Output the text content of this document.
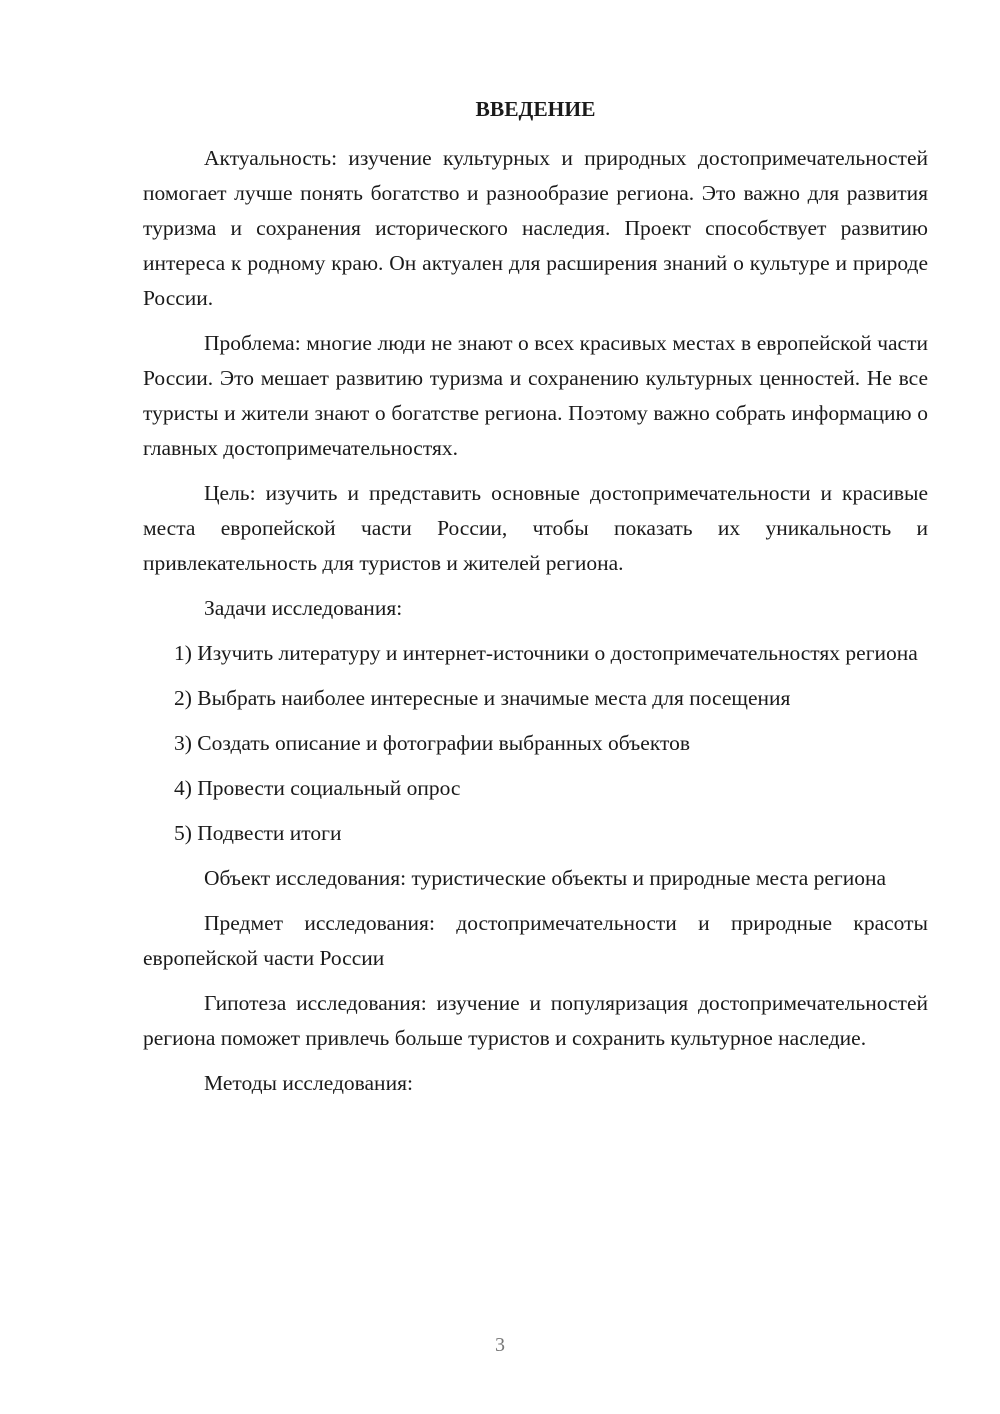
ВВЕДЕНИЕ

Актуальность: изучение культурных и природных достопримечательностей помогает лучше понять богатство и разнообразие региона. Это важно для развития туризма и сохранения исторического наследия. Проект способствует развитию интереса к родному краю. Он актуален для расширения знаний о культуре и природе России.

Проблема: многие люди не знают о всех красивых местах в европейской части России. Это мешает развитию туризма и сохранению культурных ценностей. Не все туристы и жители знают о богатстве региона. Поэтому важно собрать информацию о главных достопримечательностях.

Цель: изучить и представить основные достопримечательности и красивые места европейской части России, чтобы показать их уникальность и привлекательность для туристов и жителей региона.

Задачи исследования:

1) Изучить литературу и интернет-источники о достопримечательностях региона

2) Выбрать наиболее интересные и значимые места для посещения

3) Создать описание и фотографии выбранных объектов

4) Провести социальный опрос

5) Подвести итоги

Объект исследования: туристические объекты и природные места региона

Предмет исследования: достопримечательности и природные красоты европейской части России

Гипотеза исследования: изучение и популяризация достопримечательностей региона поможет привлечь больше туристов и сохранить культурное наследие.

Методы исследования:

3
